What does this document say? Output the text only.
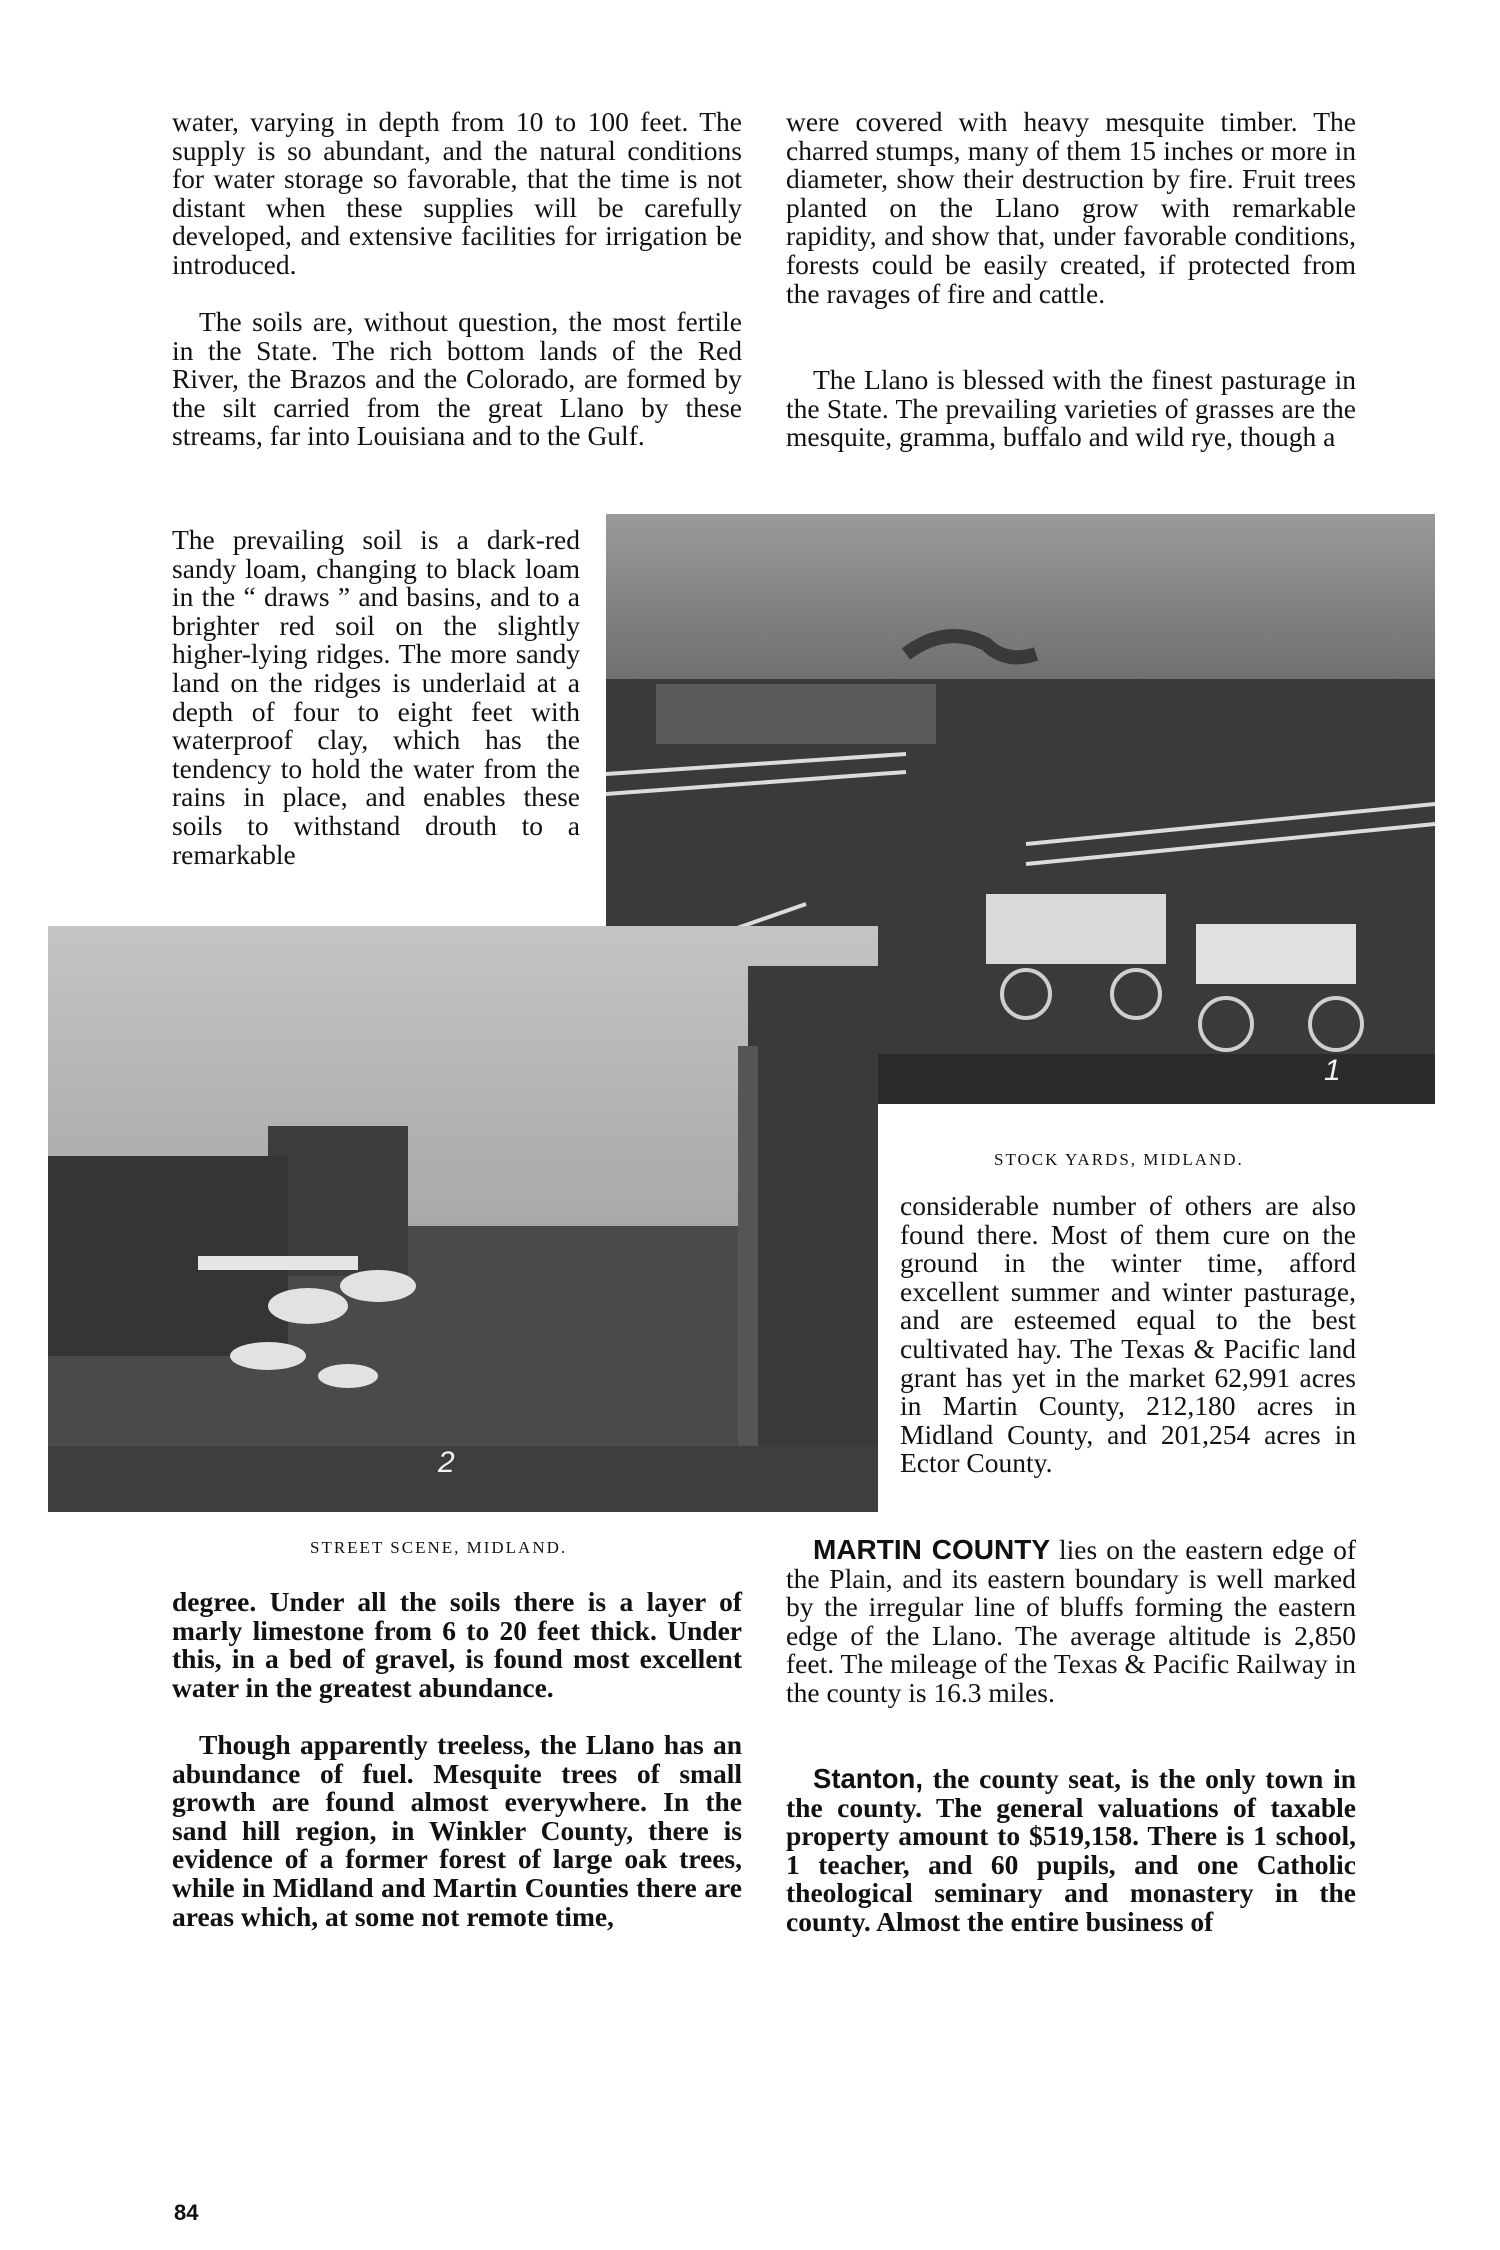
water, varying in depth from 10 to 100 feet. The supply is so abundant, and the natural conditions for water storage so favorable, that the time is not distant when these supplies will be carefully developed, and extensive facilities for irrigation be introduced.

The soils are, without question, the most fertile in the State. The rich bottom lands of the Red River, the Brazos and the Colorado, are formed by the silt carried from the great Llano by these streams, far into Louisiana and to the Gulf.

The prevailing soil is a dark-red sandy loam, changing to black loam in the “ draws ” and basins, and to a brighter red soil on the slightly higher-lying ridges. The more sandy land on the ridges is underlaid at a depth of four to eight feet with waterproof clay, which has the tendency to hold the water from the rains in place, and enables these soils to withstand drouth to a remarkable

were covered with heavy mesquite timber. The charred stumps, many of them 15 inches or more in diameter, show their destruction by fire. Fruit trees planted on the Llano grow with remarkable rapidity, and show that, under favorable conditions, forests could be easily created, if protected from the ravages of fire and cattle.

The Llano is blessed with the finest pasturage in the State. The prevailing varieties of grasses are the mesquite, gramma, buffalo and wild rye, though a

1
STOCK YARDS, MIDLAND.
2
STREET SCENE, MIDLAND.

considerable number of others are also found there. Most of them cure on the ground in the winter time, afford excellent summer and winter pasturage, and are esteemed equal to the best cultivated hay. The Texas & Pacific land grant has yet in the market 62,991 acres in Martin County, 212,180 acres in Midland County, and 201,254 acres in Ector County.

degree. Under all the soils there is a layer of marly limestone from 6 to 20 feet thick. Under this, in a bed of gravel, is found most excellent water in the greatest abundance.

Though apparently treeless, the Llano has an abundance of fuel. Mesquite trees of small growth are found almost everywhere. In the sand hill region, in Winkler County, there is evidence of a former forest of large oak trees, while in Midland and Martin Counties there are areas which, at some not remote time,

MARTIN COUNTY lies on the eastern edge of the Plain, and its eastern boundary is well marked by the irregular line of bluffs forming the eastern edge of the Llano. The average altitude is 2,850 feet. The mileage of the Texas & Pacific Railway in the county is 16.3 miles.

Stanton, the county seat, is the only town in the county. The general valuations of taxable property amount to $519,158. There is 1 school, 1 teacher, and 60 pupils, and one Catholic theological seminary and monastery in the county. Almost the entire business of

84
